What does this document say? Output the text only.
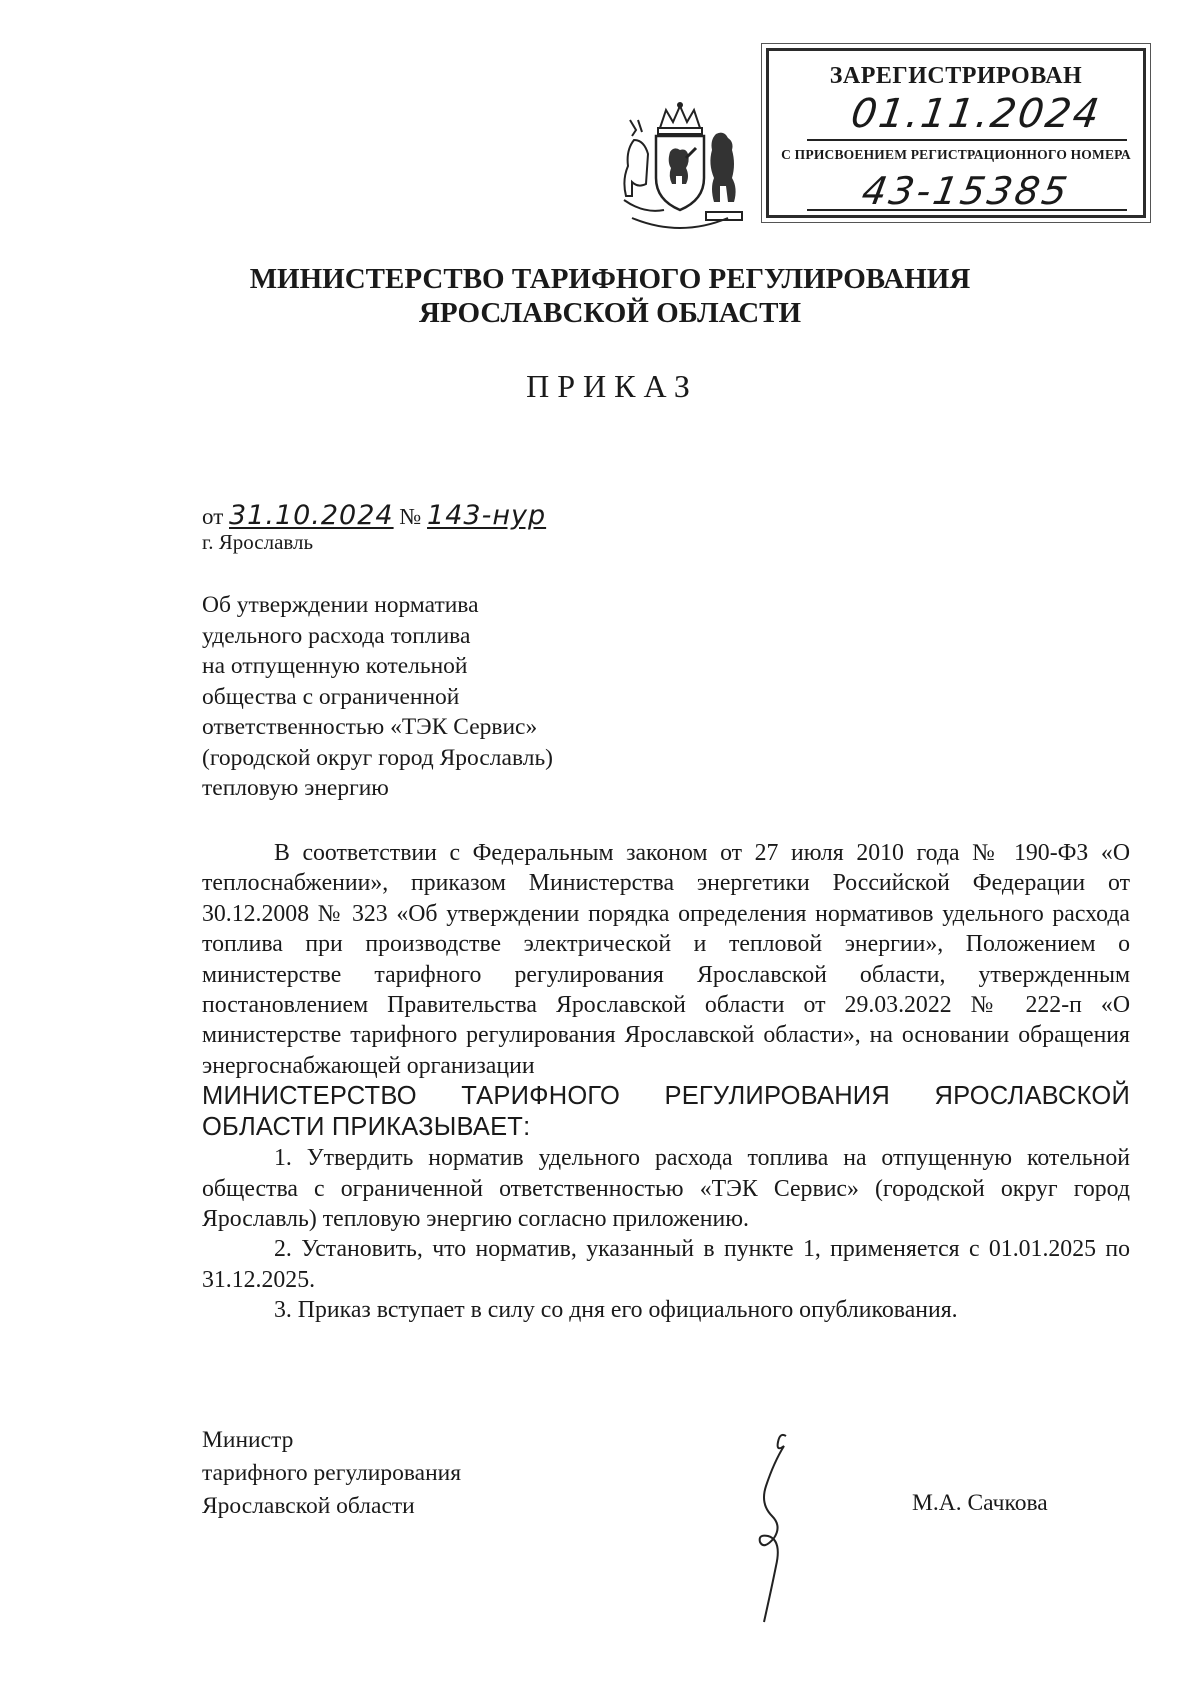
ЗАРЕГИСТРИРОВАН
01.11.2024
С ПРИСВОЕНИЕМ РЕГИСТРАЦИОННОГО НОМЕРА
43-15385
МИНИСТЕРСТВО ТАРИФНОГО РЕГУЛИРОВАНИЯ
ЯРОСЛАВСКОЙ ОБЛАСТИ
ПРИКАЗ
от 31.10.2024 № 143-нур
г. Ярославль
Об утверждении норматива
удельного расхода топлива
на отпущенную котельной
общества с ограниченной
ответственностью «ТЭК Сервис»
(городской округ город Ярославль)
тепловую энергию

В соответствии с Федеральным законом от 27 июля 2010 года № 190-ФЗ «О теплоснабжении», приказом Министерства энергетики Российской Федерации от 30.12.2008 № 323 «Об утверждении порядка определения нормативов удельного расхода топлива при производстве электрической и тепловой энергии», Положением о министерстве тарифного регулирования Ярославской области, утвержденным постановлением Правительства Ярославской области от 29.03.2022 № 222-п «О министерстве тарифного регулирования Ярославской области», на основании обращения энергоснабжающей организации

МИНИСТЕРСТВО ТАРИФНОГО РЕГУЛИРОВАНИЯ ЯРОСЛАВСКОЙ ОБЛАСТИ ПРИКАЗЫВАЕТ:

1. Утвердить норматив удельного расхода топлива на отпущенную котельной общества с ограниченной ответственностью «ТЭК Сервис» (городской округ город Ярославль) тепловую энергию согласно приложению.

2. Установить, что норматив, указанный в пункте 1, применяется с 01.01.2025 по 31.12.2025.

3. Приказ вступает в силу со дня его официального опубликования.

Министр
тарифного регулирования
Ярославской области	М.А. Сачкова
